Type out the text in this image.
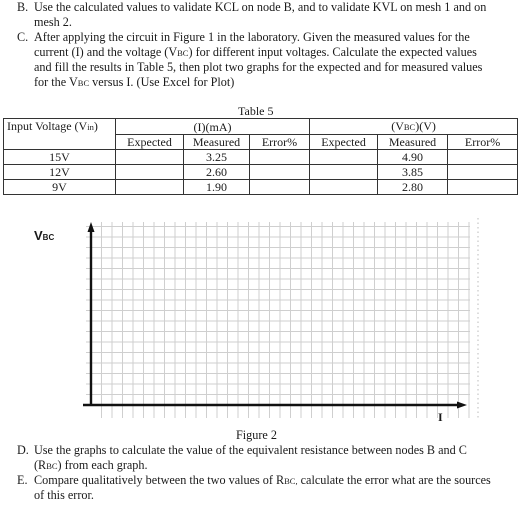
B. Use the calculated values to validate KCL on node B, and to validate KVL on mesh 1 and on
mesh 2.
C. After applying the circuit in Figure 1 in the laboratory. Given the measured values for the
current (I) and the voltage (VBC) for different input voltages. Calculate the expected values
and fill the results in Table 5, then plot two graphs for the expected and for measured values
for the VBC versus I. (Use Excel for Plot)
Table 5
Input Voltage (Vin)	(I)(mA)			(VBC)(V)		
	Expected	Measured	Error%	Expected	Measured	Error%
15V		3.25			4.90	
12V		2.60			3.85	
9V		1.90			2.80	
VBC
I
Figure 2
D. Use the graphs to calculate the value of the equivalent resistance between nodes B and C
(RBC) from each graph.
E. Compare qualitatively between the two values of RBC, calculate the error what are the sources
of this error.
